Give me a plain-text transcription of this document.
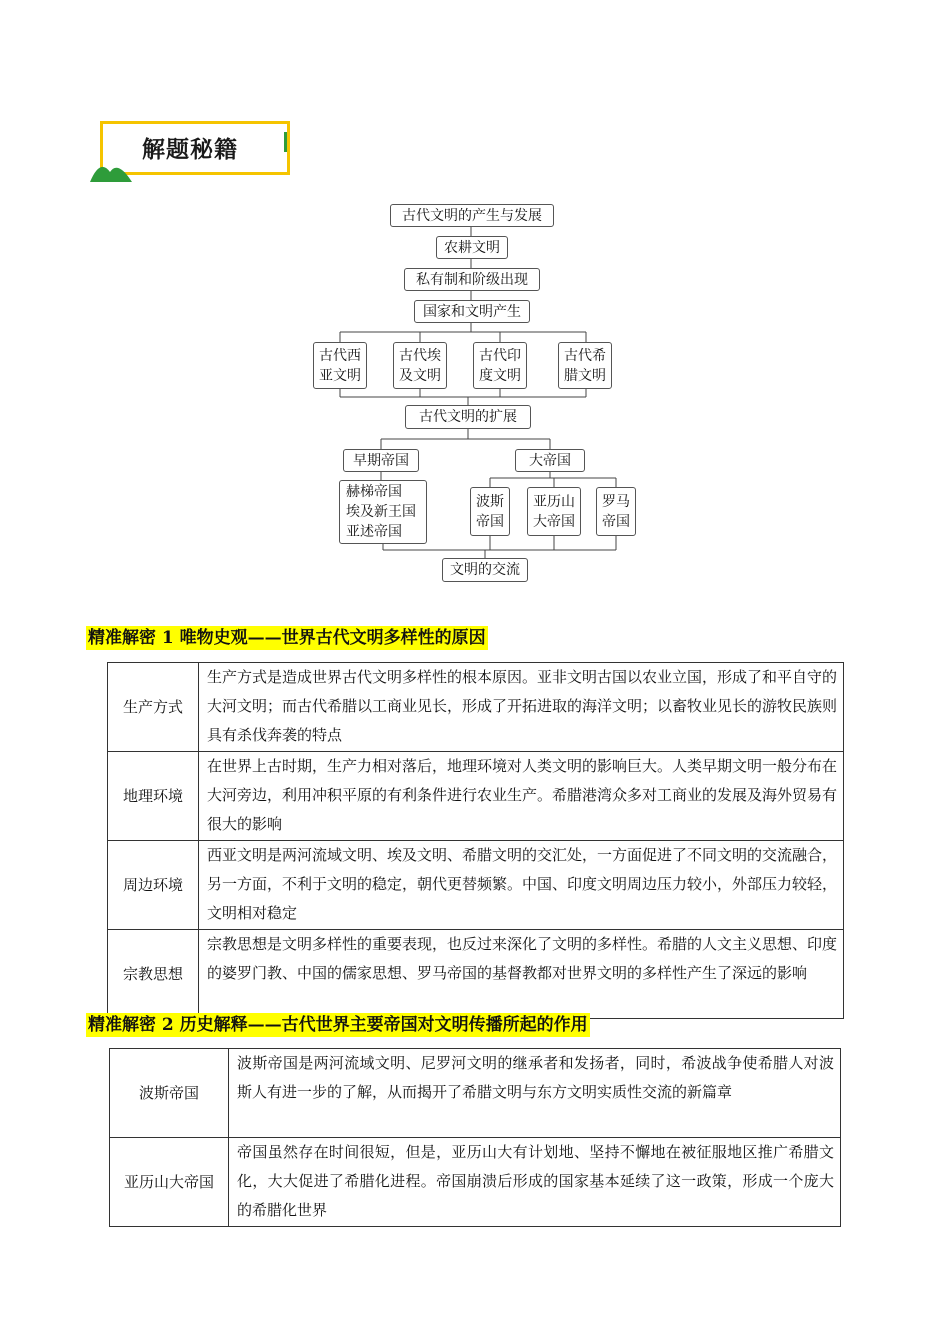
解题秘籍
古代文明的产生与发展
农耕文明
私有制和阶级出现
国家和文明产生
古代西
亚文明
古代埃
及文明
古代印
度文明
古代希
腊文明
古代文明的扩展
早期帝国	大帝国
赫梯帝国
埃及新王国
亚述帝国
波斯
帝国
亚历山
大帝国
罗马
帝国
文明的交流
精准解密 1 唯物史观——世界古代文明多样性的原因
生产方式	生产方式是造成世界古代文明多样性的根本原因。亚非文明古国以农业立国，形成了和平自守的大河文明；而古代希腊以工商业见长，形成了开拓进取的海洋文明；以畜牧业见长的游牧民族则具有杀伐奔袭的特点
地理环境	在世界上古时期，生产力相对落后，地理环境对人类文明的影响巨大。人类早期文明一般分布在大河旁边，利用冲积平原的有利条件进行农业生产。希腊港湾众多对工商业的发展及海外贸易有很大的影响
周边环境	西亚文明是两河流域文明、埃及文明、希腊文明的交汇处，一方面促进了不同文明的交流融合，另一方面，不利于文明的稳定，朝代更替频繁。中国、印度文明周边压力较小，外部压力较轻，文明相对稳定
宗教思想	宗教思想是文明多样性的重要表现，也反过来深化了文明的多样性。希腊的人文主义思想、印度的婆罗门教、中国的儒家思想、罗马帝国的基督教都对世界文明的多样性产生了深远的影响
精准解密 2 历史解释——古代世界主要帝国对文明传播所起的作用
波斯帝国	波斯帝国是两河流域文明、尼罗河文明的继承者和发扬者，同时，希波战争使希腊人对波斯人有进一步的了解，从而揭开了希腊文明与东方文明实质性交流的新篇章
亚历山大帝国	帝国虽然存在时间很短，但是，亚历山大有计划地、坚持不懈地在被征服地区推广希腊文化，大大促进了希腊化进程。帝国崩溃后形成的国家基本延续了这一政策，形成一个庞大的希腊化世界
